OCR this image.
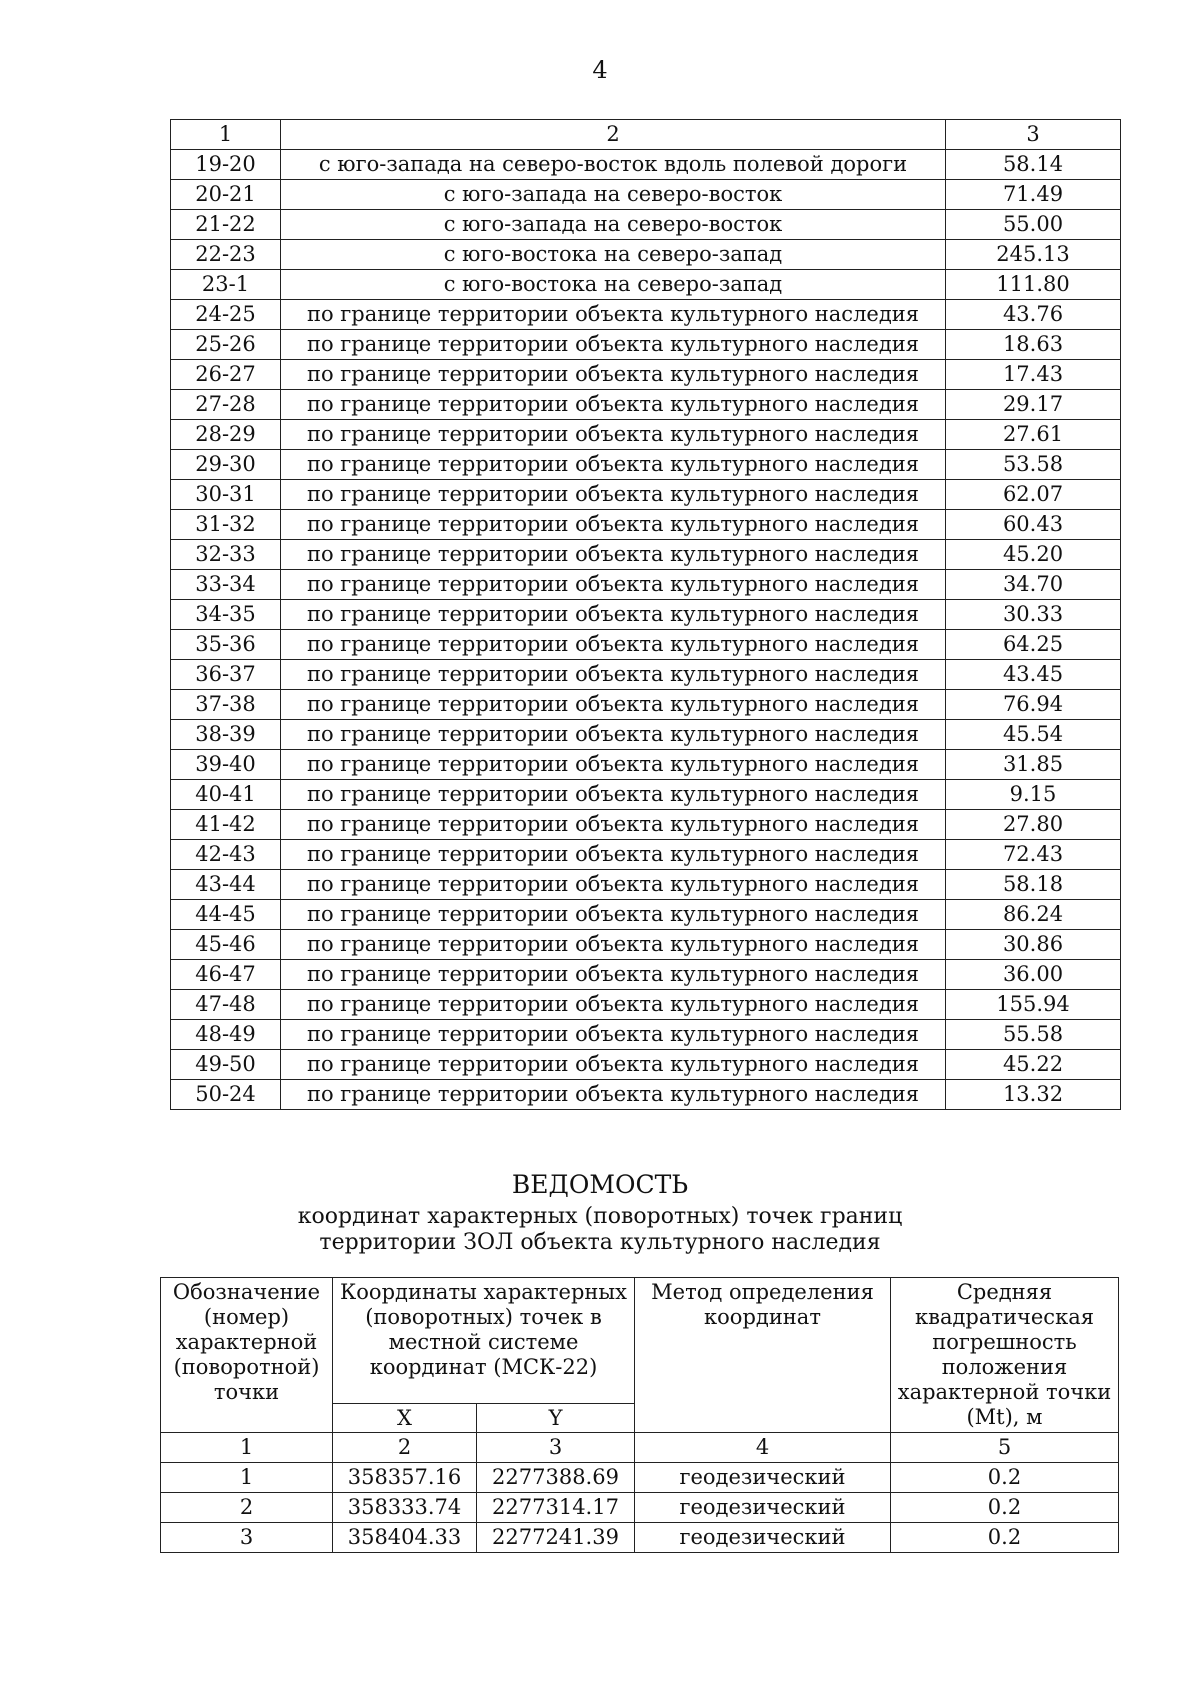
4
1	2	3
19-20	с юго-запада на северо-восток вдоль полевой дороги	58.14
20-21	с юго-запада на северо-восток	71.49
21-22	с юго-запада на северо-восток	55.00
22-23	с юго-востока на северо-запад	245.13
23-1	с юго-востока на северо-запад	111.80
24-25	по границе территории объекта культурного наследия	43.76
25-26	по границе территории объекта культурного наследия	18.63
26-27	по границе территории объекта культурного наследия	17.43
27-28	по границе территории объекта культурного наследия	29.17
28-29	по границе территории объекта культурного наследия	27.61
29-30	по границе территории объекта культурного наследия	53.58
30-31	по границе территории объекта культурного наследия	62.07
31-32	по границе территории объекта культурного наследия	60.43
32-33	по границе территории объекта культурного наследия	45.20
33-34	по границе территории объекта культурного наследия	34.70
34-35	по границе территории объекта культурного наследия	30.33
35-36	по границе территории объекта культурного наследия	64.25
36-37	по границе территории объекта культурного наследия	43.45
37-38	по границе территории объекта культурного наследия	76.94
38-39	по границе территории объекта культурного наследия	45.54
39-40	по границе территории объекта культурного наследия	31.85
40-41	по границе территории объекта культурного наследия	9.15
41-42	по границе территории объекта культурного наследия	27.80
42-43	по границе территории объекта культурного наследия	72.43
43-44	по границе территории объекта культурного наследия	58.18
44-45	по границе территории объекта культурного наследия	86.24
45-46	по границе территории объекта культурного наследия	30.86
46-47	по границе территории объекта культурного наследия	36.00
47-48	по границе территории объекта культурного наследия	155.94
48-49	по границе территории объекта культурного наследия	55.58
49-50	по границе территории объекта культурного наследия	45.22
50-24	по границе территории объекта культурного наследия	13.32
ВЕДОМОСТЬ
координат характерных (поворотных) точек границ
территории ЗОЛ объекта культурного наследия
Обозначение (номер) характерной (поворотной) точки	Координаты характерных (поворотных) точек в местной системе координат (МСК-22)		Метод определения координат	Средняя квадратическая погрешность положения характерной точки (Mt), м
	X	Y		
1	2	3	4	5
1	358357.16	2277388.69	геодезический	0.2
2	358333.74	2277314.17	геодезический	0.2
3	358404.33	2277241.39	геодезический	0.2
